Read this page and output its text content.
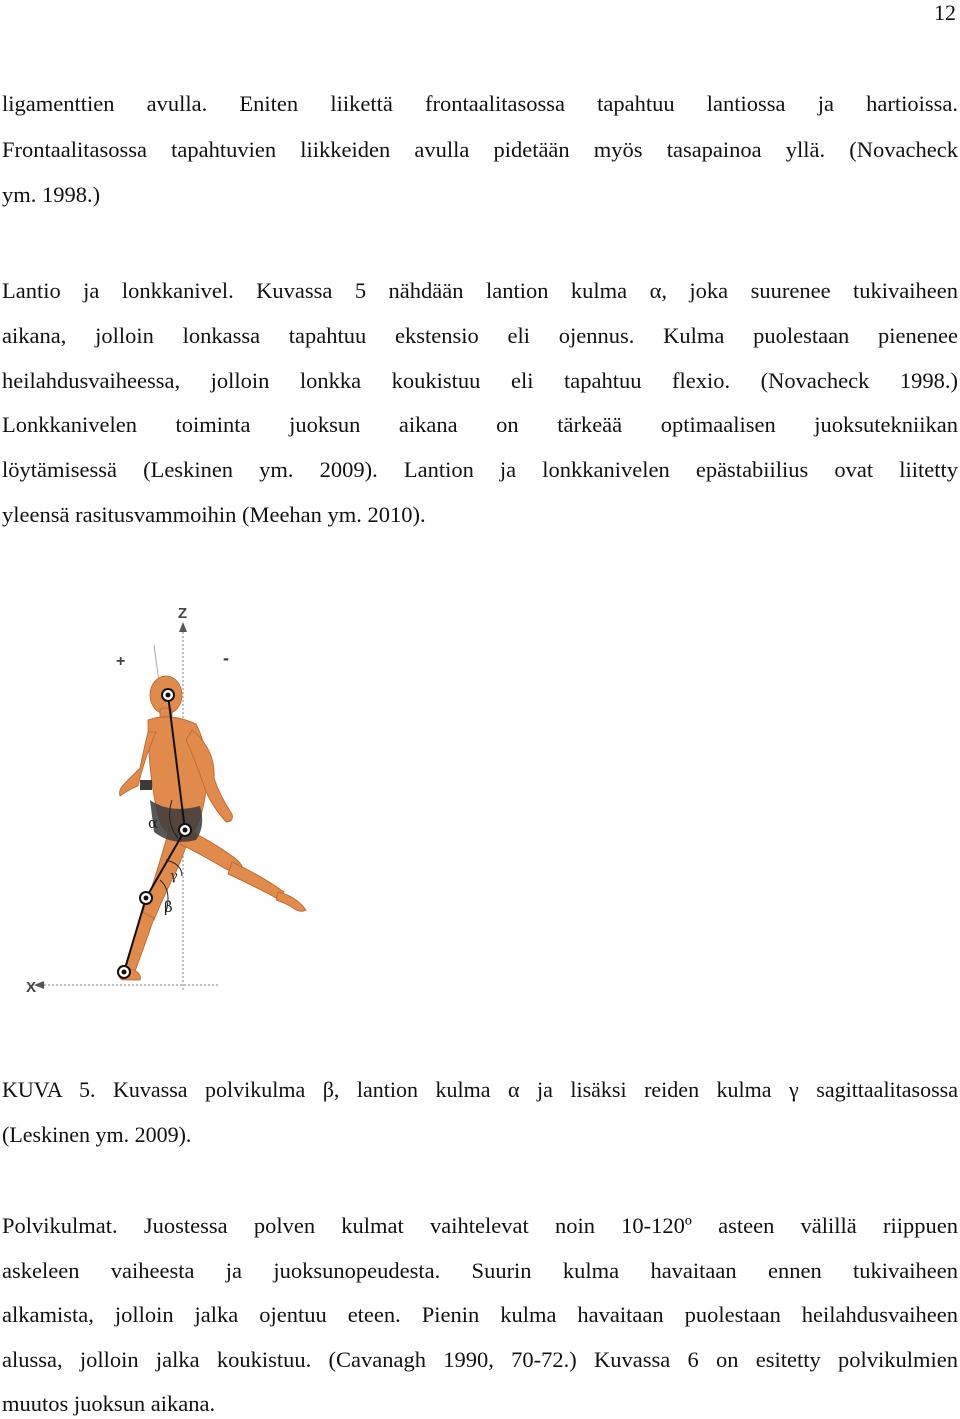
12
ligamenttien avulla. Eniten liikettä frontaalitasossa tapahtuu lantiossa ja hartioissa.
Frontaalitasossa tapahtuvien liikkeiden avulla pidetään myös tasapainoa yllä. (Novacheck
ym. 1998.)
Lantio ja lonkkanivel. Kuvassa 5 nähdään lantion kulma α, joka suurenee tukivaiheen
aikana, jolloin lonkassa tapahtuu ekstensio eli ojennus. Kulma puolestaan pienenee
heilahdusvaiheessa, jolloin lonkka koukistuu eli tapahtuu flexio. (Novacheck 1998.)
Lonkkanivelen toiminta juoksun aikana on tärkeää optimaalisen juoksutekniikan
löytämisessä (Leskinen ym. 2009). Lantion ja lonkkanivelen epästabiilius ovat liitetty
yleensä rasitusvammoihin (Meehan ym. 2010).
Z
X
+	-
α
β
γ
KUVA 5. Kuvassa polvikulma β, lantion kulma α ja lisäksi reiden kulma γ sagittaalitasossa
(Leskinen ym. 2009).
Polvikulmat. Juostessa polven kulmat vaihtelevat noin 10-120º asteen välillä riippuen
askeleen vaiheesta ja juoksunopeudesta. Suurin kulma havaitaan ennen tukivaiheen
alkamista, jolloin jalka ojentuu eteen. Pienin kulma havaitaan puolestaan heilahdusvaiheen
alussa, jolloin jalka koukistuu. (Cavanagh 1990, 70-72.) Kuvassa 6 on esitetty polvikulmien
muutos juoksun aikana.
